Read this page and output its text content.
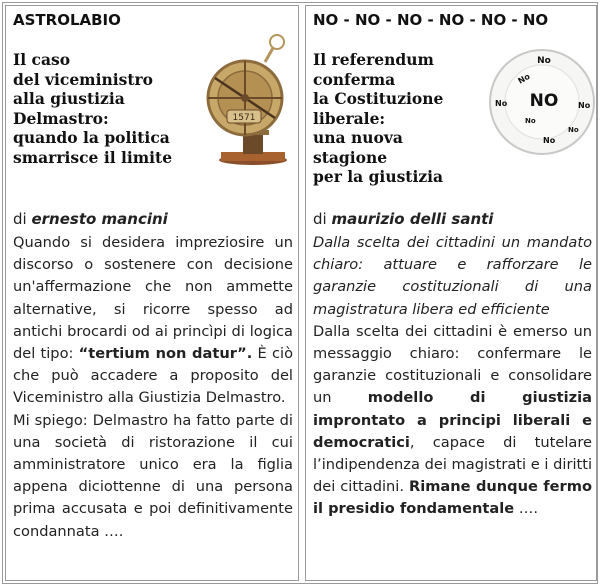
ASTROLABIO
Il caso
del viceministro
alla giustizia
Delmastro:
quando la politica
smarrisce il limite
1571
di ernesto mancini

Quando si desidera impreziosire un discorso o sostenere con decisione un'affermazione che non ammette alternative, si ricorre spesso ad antichi brocardi od ai princìpi di logica del tipo: “tertium non datur”. È ciò che può accadere a proposito del Viceministro alla Giustizia Delmastro.

Mi spiego: Delmastro ha fatto parte di una società di ristorazione il cui amministratore unico era la figlia appena diciottenne di una persona prima accusata e poi definitivamente condannata ….

NO - NO - NO - NO - NO - NO
Il referendum
conferma
la Costituzione
liberale:
una nuova
stagione
per la giustizia
NO
No
No
No	No
No
No
No
di maurizio delli santi

Dalla scelta dei cittadini un mandato chiaro: attuare e rafforzare le garanzie costituzionali di una magistratura libera ed efficiente

Dalla scelta dei cittadini è emerso un messaggio chiaro: confermare le garanzie costituzionali e consolidare un modello di giustizia improntato a principi liberali e democratici, capace di tutelare l’indipendenza dei magistrati e i diritti dei cittadini. Rimane dunque fermo il presidio fondamentale ….
